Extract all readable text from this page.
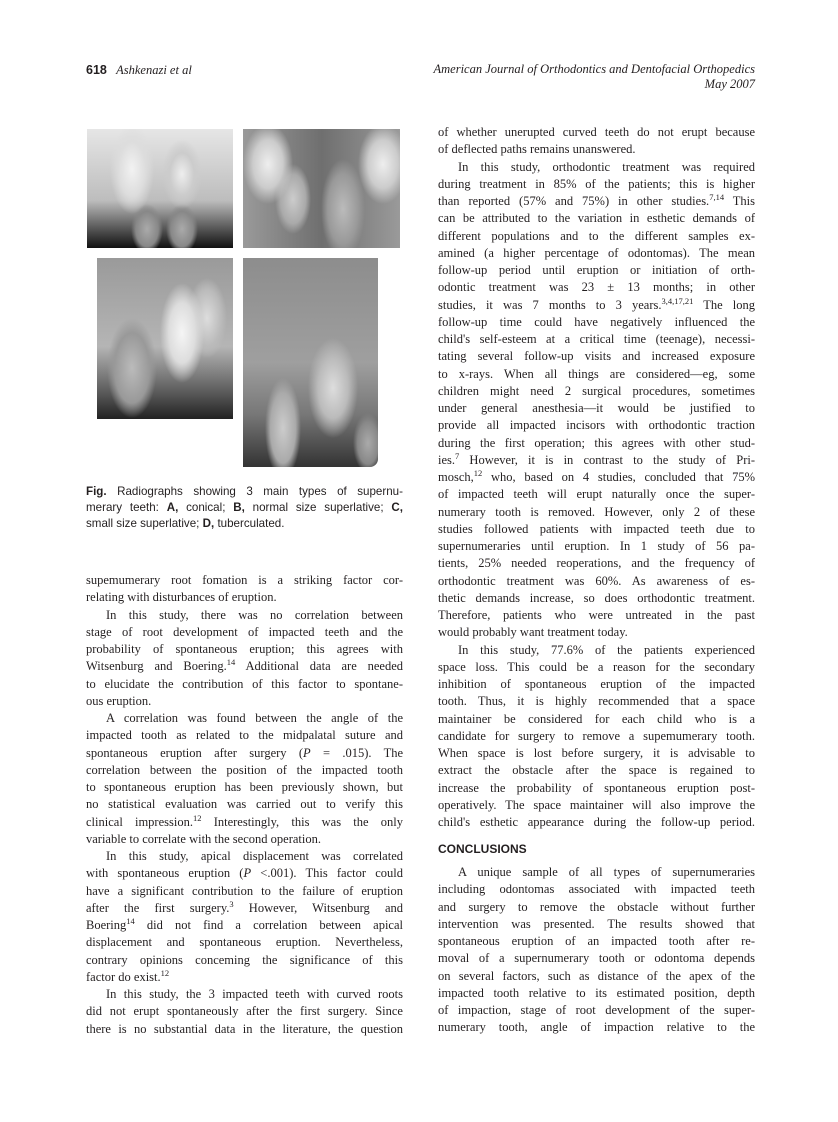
618 Ashkenazi et al	American Journal of Orthodontics and Dentofacial Orthopedics
May 2007
Fig. Radiographs showing 3 main types of supernu-
merary teeth: A, conical; B, normal size superlative; C,
small size superlative; D, tuberculated.
supemumerary root fomation is a striking factor cor-
relating with disturbances of eruption.
In this study, there was no correlation between
stage of root development of impacted teeth and the
probability of spontaneous eruption; this agrees with
Witsenburg and Boering.$^{14}$ Additional data are needed
to elucidate the contribution of this factor to spontane-
ous eruption.
A correlation was found between the angle of the
impacted tooth as related to the midpalatal suture and
spontaneous eruption after surgery (P = .015). The
correlation between the position of the impacted tooth
to spontaneous eruption has been previously shown, but
no statistical evaluation was carried out to verify this
clinical impression.$^{12}$ Interestingly, this was the only
variable to correlate with the second operation.
In this study, apical displacement was correlated
with spontaneous eruption (P <.001). This factor could
have a significant contribution to the failure of eruption
after the first surgery.$^3$ However, Witsenburg and
Boering$^{14}$ did not find a correlation between apical
displacement and spontaneous eruption. Nevertheless,
contrary opinions conceming the significance of this
factor do exist.$^{12}$
In this study, the 3 impacted teeth with curved roots
did not erupt spontaneously after the first surgery. Since
there is no substantial data in the literature, the question
of whether unerupted curved teeth do not erupt because
of deflected paths remains unanswered.
In this study, orthodontic treatment was required
during treatment in 85% of the patients; this is higher
than reported (57% and 75%) in other studies.$^{7,14}$ This
can be attributed to the variation in esthetic demands of
different populations and to the different samples ex-
amined (a higher percentage of odontomas). The mean
follow-up period until eruption or initiation of orth-
odontic treatment was 23 ± 13 months; in other
studies, it was 7 months to 3 years.$^{3,4,17,21}$ The long
follow-up time could have negatively influenced the
child's self-esteem at a critical time (teenage), necessi-
tating several follow-up visits and increased exposure
to x-rays. When all things are considered—eg, some
children might need 2 surgical procedures, sometimes
under general anesthesia—it would be justified to
provide all impacted incisors with orthodontic traction
during the first operation; this agrees with other stud-
ies.$^7$ However, it is in contrast to the study of Pri-
mosch,$^{12}$ who, based on 4 studies, concluded that 75%
of impacted teeth will erupt naturally once the super-
numerary tooth is removed. However, only 2 of these
studies followed patients with impacted teeth due to
supernumeraries until eruption. In 1 study of 56 pa-
tients, 25% needed reoperations, and the frequency of
orthodontic treatment was 60%. As awareness of es-
thetic demands increase, so does orthodontic treatment.
Therefore, patients who were untreated in the past
would probably want treatment today.
In this study, 77.6% of the patients experienced
space loss. This could be a reason for the secondary
inhibition of spontaneous eruption of the impacted
tooth. Thus, it is highly recommended that a space
maintainer be considered for each child who is a
candidate for surgery to remove a supemumerary tooth.
When space is lost before surgery, it is advisable to
extract the obstacle after the space is regained to
increase the probability of spontaneous eruption post-
operatively. The space maintainer will also improve the
child's esthetic appearance during the follow-up period.
CONCLUSIONS
A unique sample of all types of supernumeraries
including odontomas associated with impacted teeth
and surgery to remove the obstacle without further
intervention was presented. The results showed that
spontaneous eruption of an impacted tooth after re-
moval of a supernumerary tooth or odontoma depends
on several factors, such as distance of the apex of the
impacted tooth relative to its estimated position, depth
of impaction, stage of root development of the super-
numerary tooth, angle of impaction relative to the
